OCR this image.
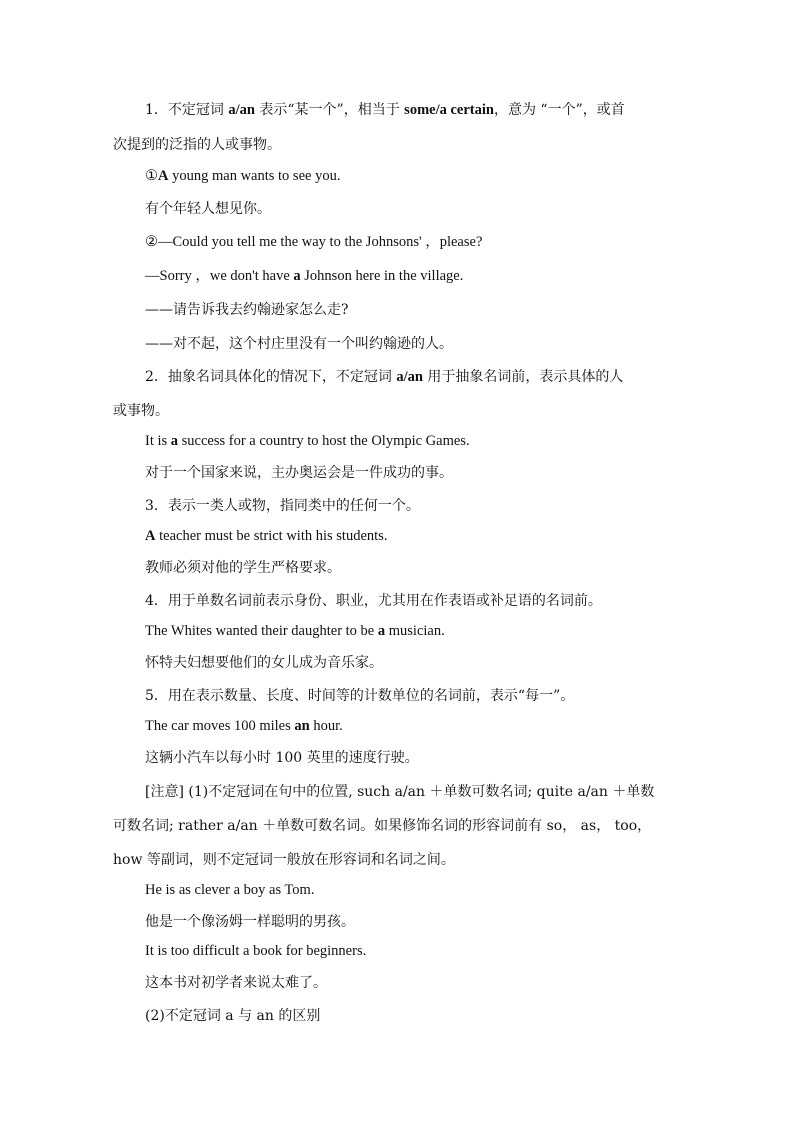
1．不定冠词 a/an 表示“某一个”，相当于 some/a certain，意为 “一个”，或首
次提到的泛指的人或事物。
①A young man wants to see you.
有个年轻人想见你。
②—Could you tell me the way to the Johnsons' ，please?
—Sorry ，we don't have a Johnson here in the village.
——请告诉我去约翰逊家怎么走?
——对不起，这个村庄里没有一个叫约翰逊的人。
2．抽象名词具体化的情况下，不定冠词 a/an 用于抽象名词前，表示具体的人
或事物。
It is a success for a country to host the Olympic Games.
对于一个国家来说，主办奥运会是一件成功的事。
3．表示一类人或物，指同类中的任何一个。
A teacher must be strict with his students.
教师必须对他的学生严格要求。
4．用于单数名词前表示身份、职业，尤其用在作表语或补足语的名词前。
The Whites wanted their daughter to be a musician.
怀特夫妇想要他们的女儿成为音乐家。
5．用在表示数量、长度、时间等的计数单位的名词前，表示“每一”。
The car moves 100 miles an hour.
这辆小汽车以每小时 100 英里的速度行驶。
[注意] (1)不定冠词在句中的位置, such a/an ＋单数可数名词; quite a/an ＋单数
可数名词; rather a/an ＋单数可数名词。如果修饰名词的形容词前有 so， as， too，
how 等副词，则不定冠词一般放在形容词和名词之间。
He is as clever a boy as Tom.
他是一个像汤姆一样聪明的男孩。
It is too difficult a book for beginners.
这本书对初学者来说太难了。
(2)不定冠词 a 与 an 的区别
